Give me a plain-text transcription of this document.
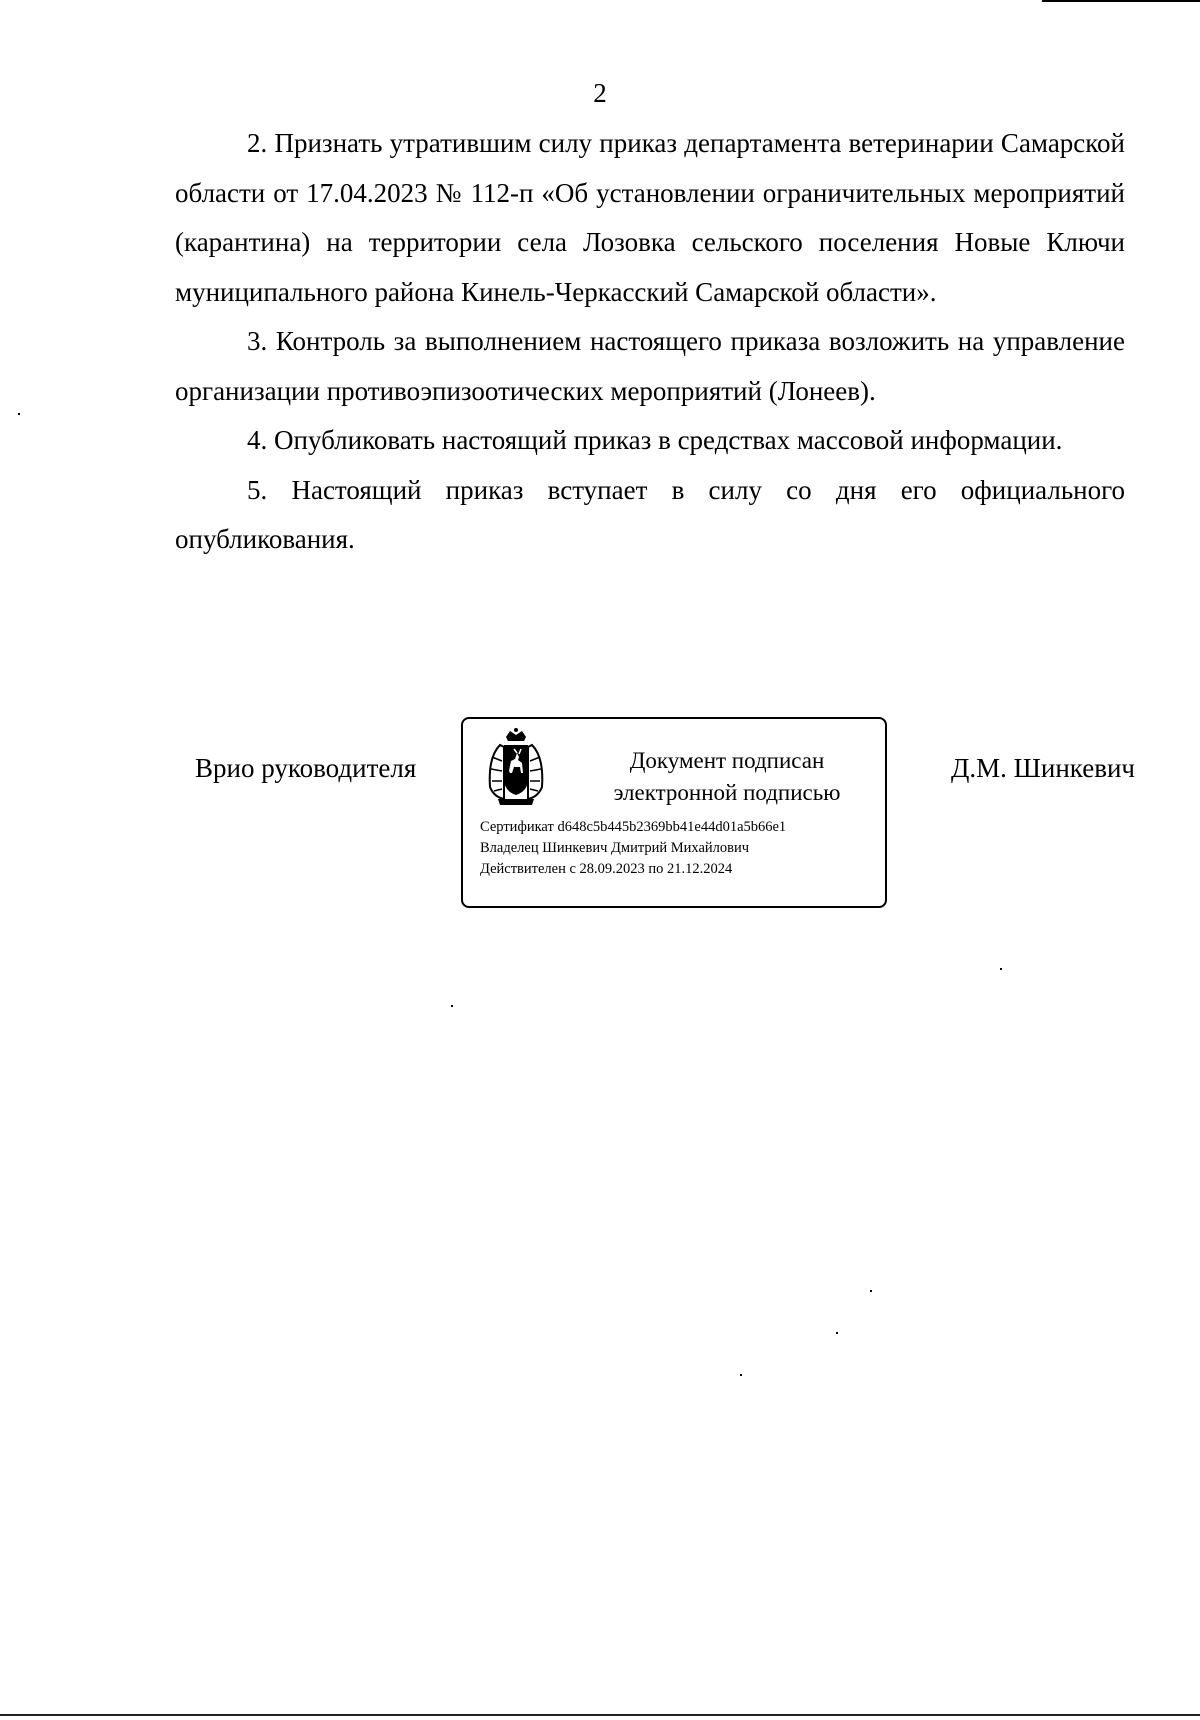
2

2. Признать утратившим силу приказ департамента ветеринарии Самарской области от 17.04.2023 № 112-п «Об установлении ограничительных мероприятий (карантина) на территории села Лозовка сельского поселения Новые Ключи муниципального района Кинель-Черкасский Самарской области».

3. Контроль за выполнением настоящего приказа возложить на управление организации противоэпизоотических мероприятий (Лонеев).

4. Опубликовать настоящий приказ в средствах массовой информации.

5. Настоящий приказ вступает в силу со дня его официального опубликования.

Врио руководителя	Документ подписан
электронной подписью
Сертификат d648c5b445b2369bb41e44d01a5b66e1
Владелец Шинкевич Дмитрий Михайлович
Действителен с 28.09.2023 по 21.12.2024
Д.М. Шинкевич
